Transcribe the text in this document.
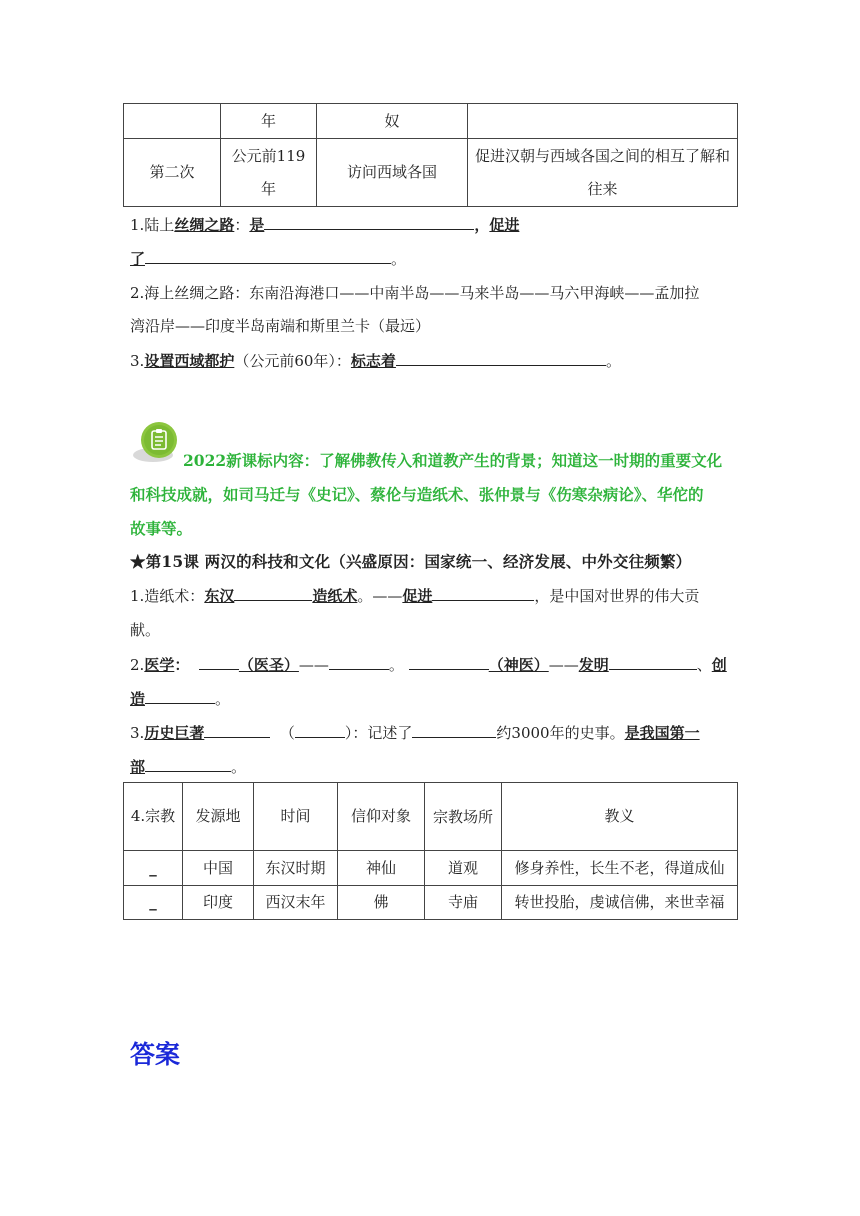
	年	奴	
第二次	公元前119年	访问西域各国	促进汉朝与西域各国之间的相互了解和往来
1.陆上丝绸之路：是	，促进
了	。
2.海上丝绸之路：东南沿海港口——中南半岛——马来半岛——马六甲海峡——孟加拉
湾沿岸——印度半岛南端和斯里兰卡（最远）
3.设置西域都护（公元前60年）：标志着	。
2022新课标内容：了解佛教传入和道教产生的背景；知道这一时期的重要文化
和科技成就，如司马迁与《史记》、蔡伦与造纸术、张仲景与《伤寒杂病论》、华佗的
故事等。
★第15课 两汉的科技和文化（兴盛原因：国家统一、经济发展、中外交往频繁）
1.造纸术：东汉	造纸术。——促进	，是中国对世界的伟大贡
献。
2.医学：	（医圣）——	。	（神医）——发明	、创
造	。
3.历史巨著	（	）：记述了	约3000年的史事。是我国第一
部	。
4.宗教	发源地	时间	信仰对象	宗教场所	教义
_	中国	东汉时期	神仙	道观	修身养性，长生不老，得道成仙
_	印度	西汉末年	佛	寺庙	转世投胎，虔诚信佛，来世幸福
答案
